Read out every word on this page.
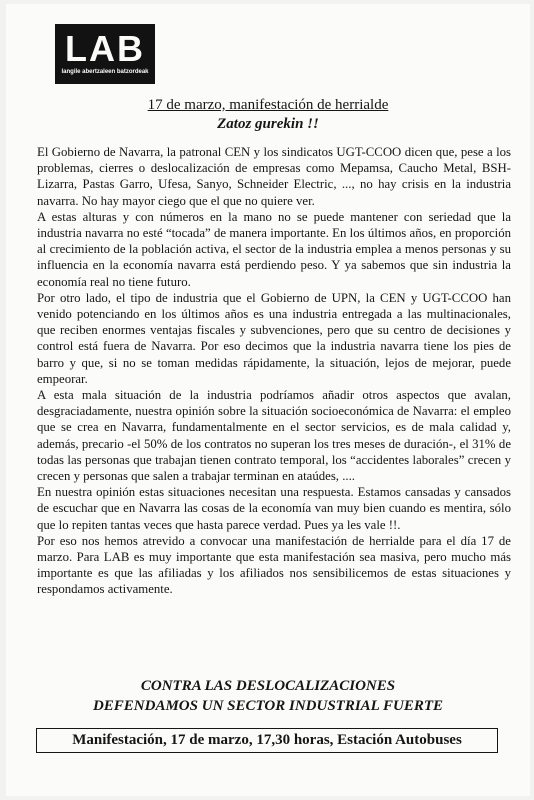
LAB
langile abertzaleen batzordeak
17 de marzo, manifestación de herrialde
Zatoz gurekin !!

El Gobierno de Navarra, la patronal CEN y los sindicatos UGT-CCOO dicen que, pese a los problemas, cierres o deslocalización de empresas como Mepamsa, Caucho Metal, BSH-Lizarra, Pastas Garro, Ufesa, Sanyo, Schneider Electric, ..., no hay crisis en la industria navarra. No hay mayor ciego que el que no quiere ver.

A estas alturas y con números en la mano no se puede mantener con seriedad que la industria navarra no esté “tocada” de manera importante. En los últimos años, en proporción al crecimiento de la población activa, el sector de la industria emplea a menos personas y su influencia en la economía navarra está perdiendo peso. Y ya sabemos que sin industria la economía real no tiene futuro.

Por otro lado, el tipo de industria que el Gobierno de UPN, la CEN y UGT-CCOO han venido potenciando en los últimos años es una industria entregada a las multinacionales, que reciben enormes ventajas fiscales y subvenciones, pero que su centro de decisiones y control está fuera de Navarra. Por eso decimos que la industria navarra tiene los pies de barro y que, si no se toman medidas rápidamente, la situación, lejos de mejorar, puede empeorar.

A esta mala situación de la industria podríamos añadir otros aspectos que avalan, desgraciadamente, nuestra opinión sobre la situación socioeconómica de Navarra: el empleo que se crea en Navarra, fundamentalmente en el sector servicios, es de mala calidad y, además, precario -el 50% de los contratos no superan los tres meses de duración-, el 31% de todas las personas que trabajan tienen contrato temporal, los “accidentes laborales” crecen y crecen y personas que salen a trabajar terminan en ataúdes, ....

En nuestra opinión estas situaciones necesitan una respuesta. Estamos cansadas y cansados de escuchar que en Navarra las cosas de la economía van muy bien cuando es mentira, sólo que lo repiten tantas veces que hasta parece verdad. Pues ya les vale !!.

Por eso nos hemos atrevido a convocar una manifestación de herrialde para el día 17 de marzo. Para LAB es muy importante que esta manifestación sea masiva, pero mucho más importante es que las afiliadas y los afiliados nos sensibilicemos de estas situaciones y respondamos activamente.

CONTRA LAS DESLOCALIZACIONES
DEFENDAMOS UN SECTOR INDUSTRIAL FUERTE
Manifestación, 17 de marzo, 17,30 horas, Estación Autobuses
